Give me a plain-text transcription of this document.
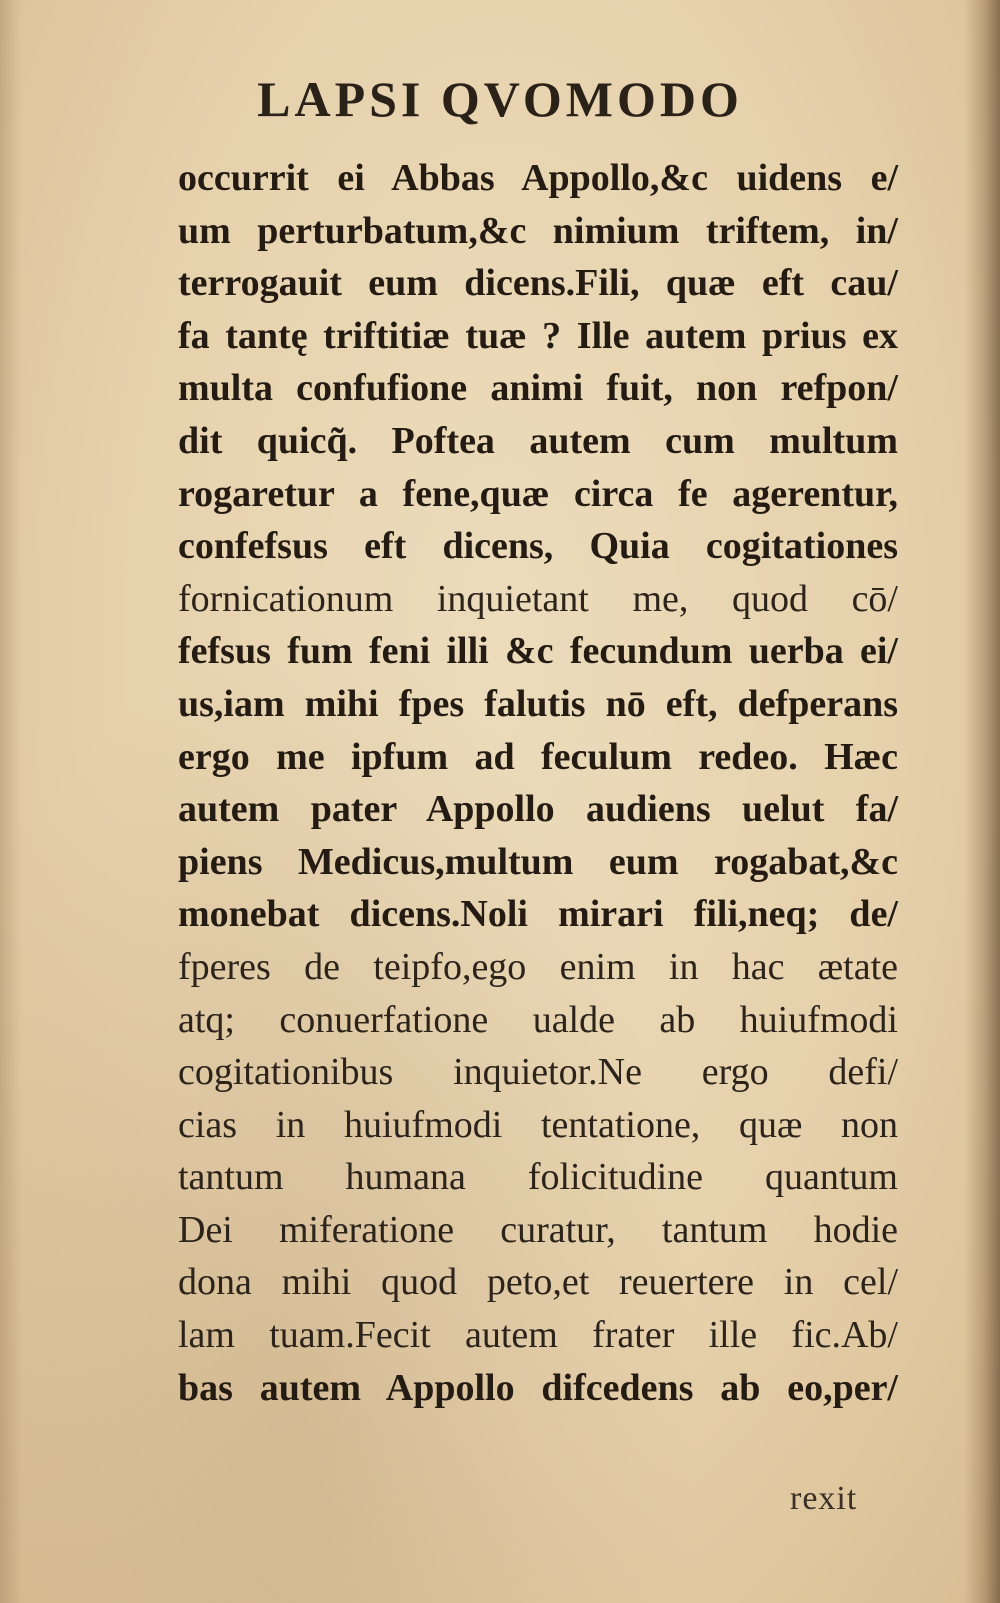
LAPSI QVOMODO
occurrit ei Abbas Appollo,&c uidens e/
um perturbatum,&c nimium triftem, in/
terrogauit eum dicens.Fili, quæ eft cau/
fa tantę triftitiæ tuæ ? Ille autem prius ex
multa confufione animi fuit, non refpon/
dit quicq̃. Poftea autem cum multum
rogaretur a fene,quæ circa fe agerentur,
confefsus eft dicens, Quia cogitationes
fornicationum inquietant me, quod cō/
fefsus fum feni illi &c fecundum uerba ei/
us,iam mihi fpes falutis nō eft, defperans
ergo me ipfum ad feculum redeo. Hæc
autem pater Appollo audiens uelut fa/
piens Medicus,multum eum rogabat,&c
monebat dicens.Noli mirari fili,neq; de/
fperes de teipfo,ego enim in hac ætate
atq; conuerfatione ualde ab huiufmodi
cogitationibus inquietor.Ne ergo defi/
cias in huiufmodi tentatione, quæ non
tantum humana folicitudine quantum
Dei miferatione curatur, tantum hodie
dona mihi quod peto,et reuertere in cel/
lam tuam.Fecit autem frater ille fic.Ab/
bas autem Appollo difcedens ab eo,per/
rexit
